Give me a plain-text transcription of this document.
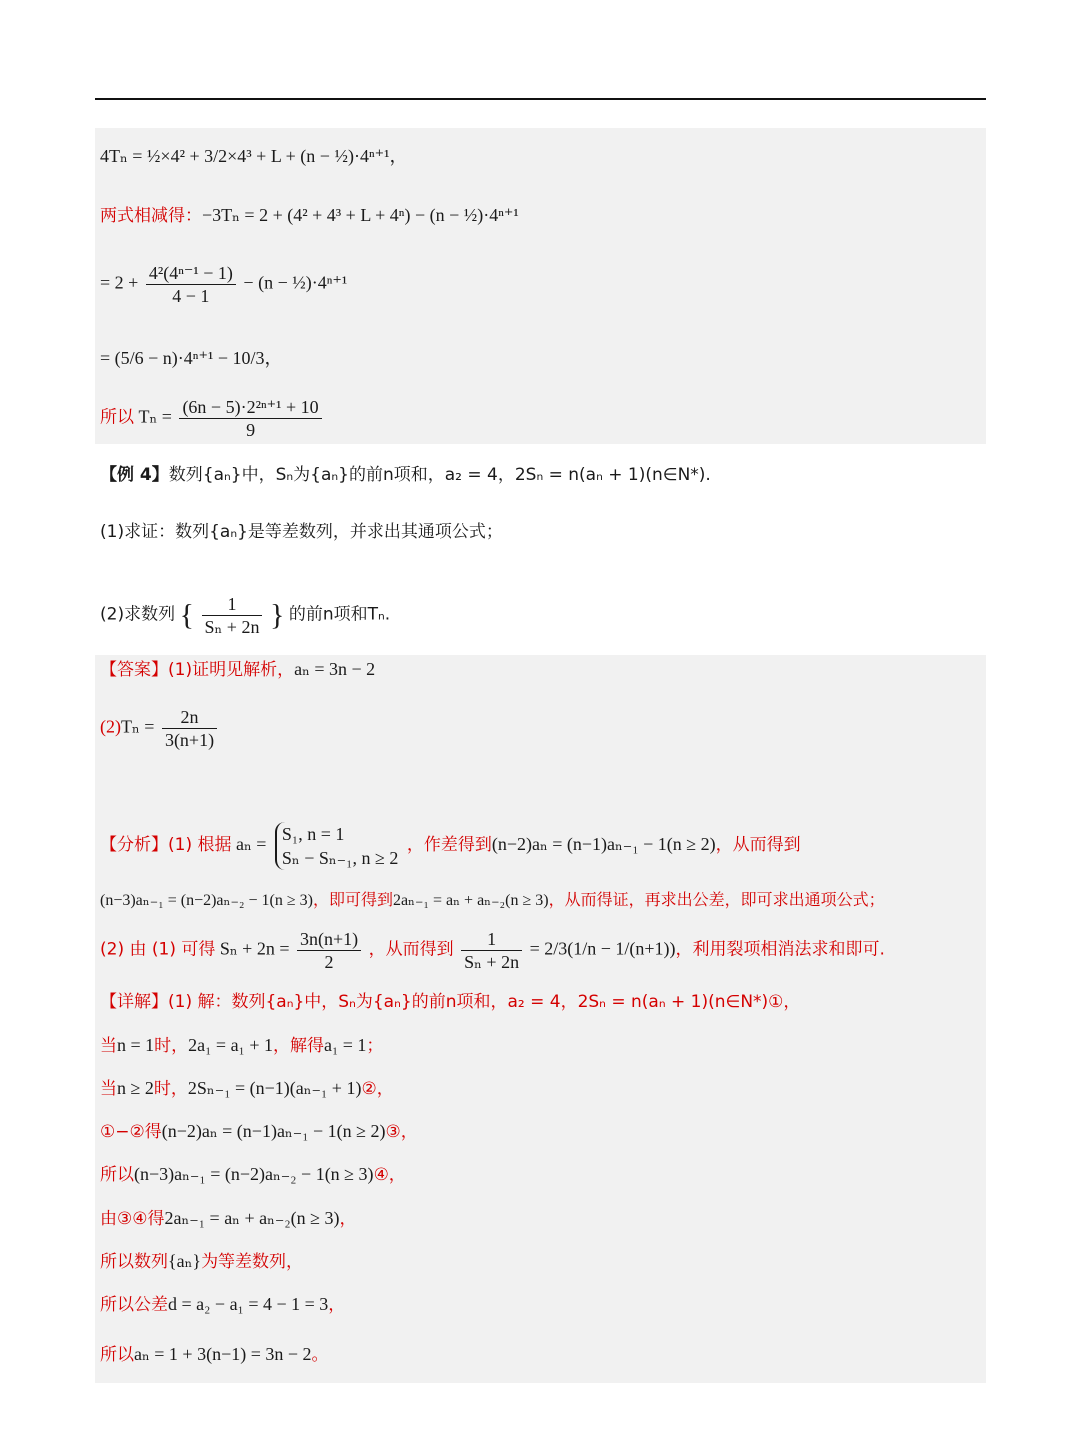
4Tₙ = ½×4² + 3/2×4³ + L + (n − ½)·4ⁿ⁺¹，
两式相减得：−3Tₙ = 2 + (4² + 4³ + L + 4ⁿ) − (n − ½)·4ⁿ⁺¹
= $2 + \frac{\text{4²(4ⁿ⁻¹ − 1)}}{4 - 1} - (n$ − ½)·4ⁿ⁺¹
= (5/6 − n)·4ⁿ⁺¹ − 10/3，
所以 $T_n = \frac{\text{(6n − 5)·2²ⁿ⁺¹ + 10}}{9}$
【例 4】数列{aₙ}中，Sₙ为{aₙ}的前n项和，a₂ = 4，2Sₙ = n(aₙ + 1)(n∈N*).
(1)求证：数列{aₙ}是等差数列，并求出其通项公式；
(2)求数列 { $\frac{1}{\text{Sₙ + 2n}}$ } 的前n项和Tₙ.
【答案】(1)证明见解析，aₙ = 3n − 2
$(2)T_n = \frac{2n}{3(n+1)}$
【分析】(1) 根据 aₙ =
S₁, n = 1
Sₙ − Sₙ₋₁, n ≥ 2
，作差得到(n−2)aₙ = (n−1)aₙ₋₁ − 1(n ≥ 2)，从而得到
(n−3)aₙ₋₁ = (n−2)aₙ₋₂ − 1(n ≥ 3)，即可得到2aₙ₋₁ = aₙ + aₙ₋₂(n ≥ 3)，从而得证，再求出公差，即可求出通项公式；
(2) 由 (1) 可得 $S_n + 2n = \frac{3n(n+1)}{2}$ ，从而得到 $\frac{1}{\text{Sₙ + 2n}} = 2/3(1/n - 1/(n+1))$，利用裂项相消法求和即可.
【详解】(1) 解：数列{aₙ}中，Sₙ为{aₙ}的前n项和，a₂ = 4，2Sₙ = n(aₙ + 1)(n∈N*)①，
当n = 1时，2a₁ = a₁ + 1，解得a₁ = 1；
当n ≥ 2时，2Sₙ₋₁ = (n−1)(aₙ₋₁ + 1)②，
①−②得(n−2)aₙ = (n−1)aₙ₋₁ − 1(n ≥ 2)③，
所以(n−3)aₙ₋₁ = (n−2)aₙ₋₂ − 1(n ≥ 3)④，
由③④得2aₙ₋₁ = aₙ + aₙ₋₂(n ≥ 3)，
所以数列{aₙ}为等差数列，
所以公差d = a₂ − a₁ = 4 − 1 = 3，
所以aₙ = 1 + 3(n−1) = 3n − 2。
